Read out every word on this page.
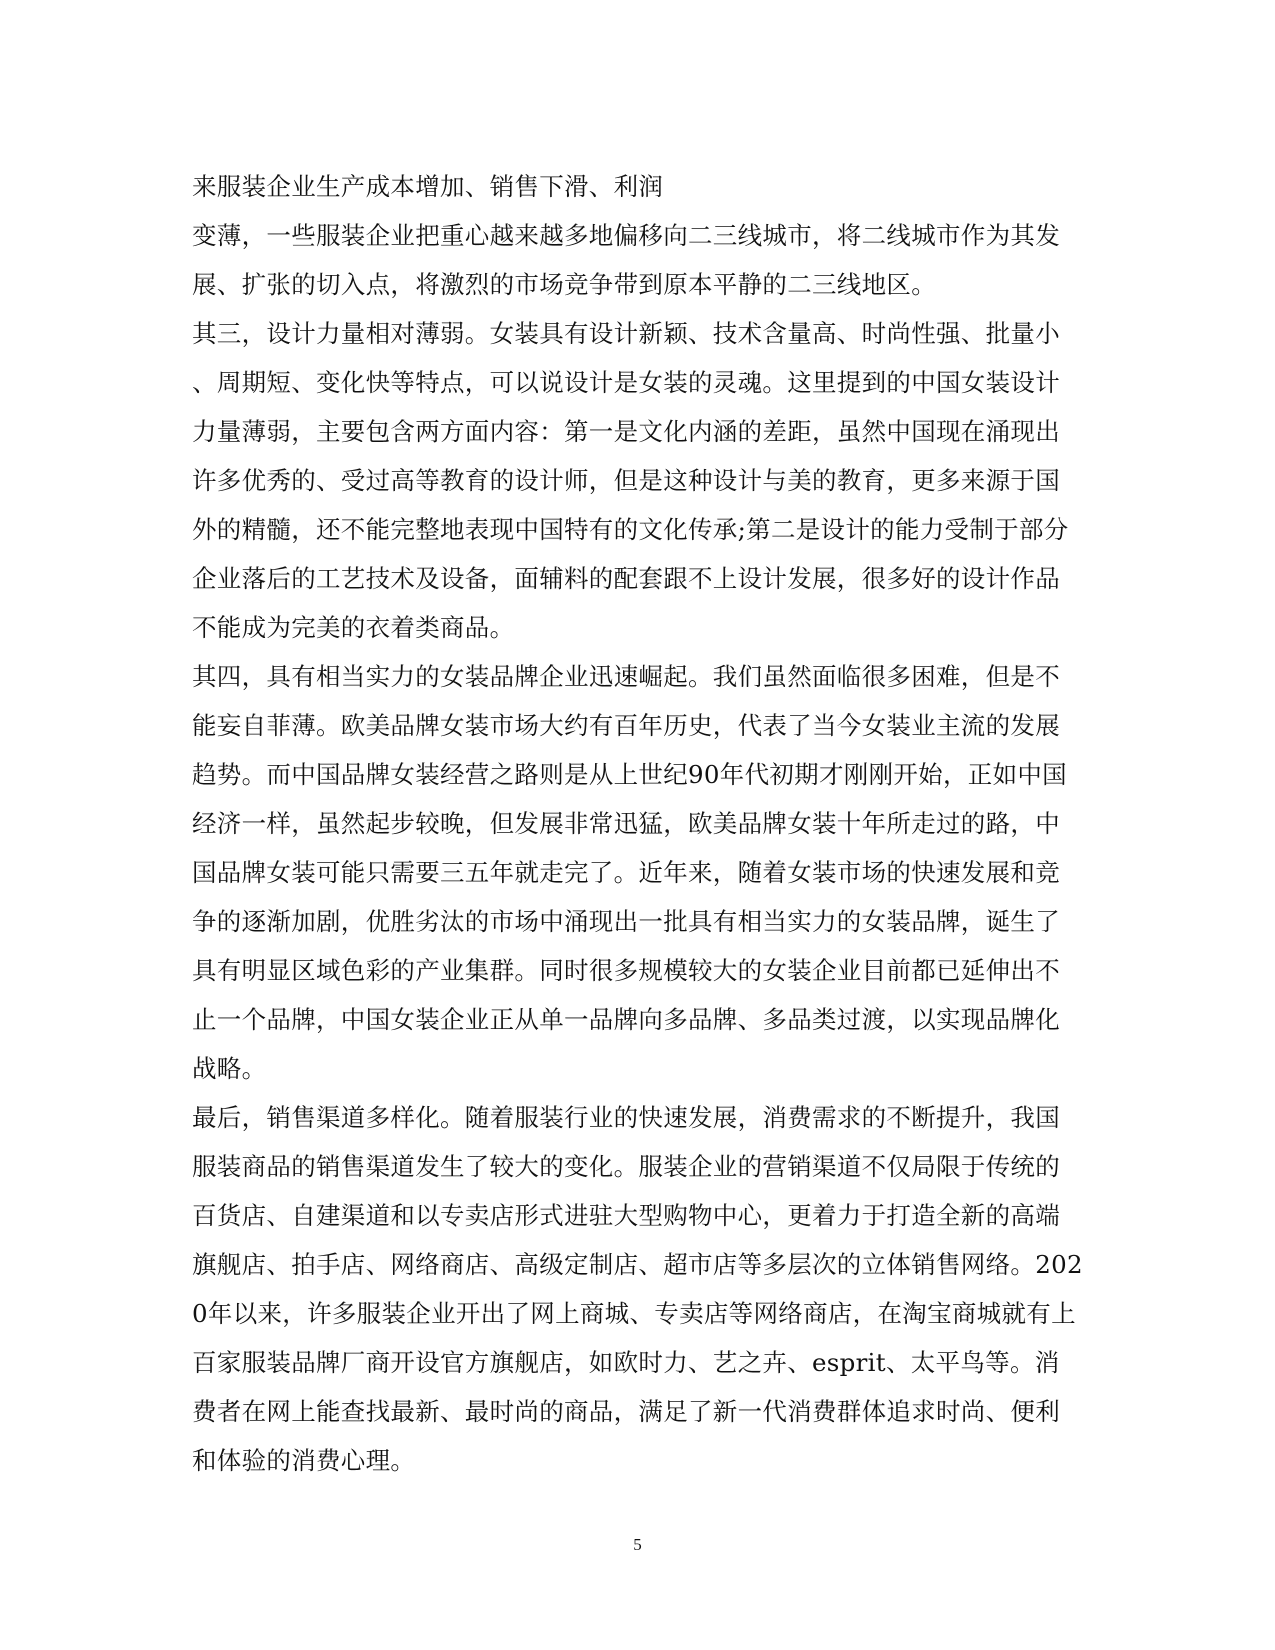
来服装企业生产成本增加、销售下滑、利润
变薄，一些服装企业把重心越来越多地偏移向二三线城市，将二线城市作为其发
展、扩张的切入点，将激烈的市场竞争带到原本平静的二三线地区。
其三，设计力量相对薄弱。女装具有设计新颖、技术含量高、时尚性强、批量小
、周期短、变化快等特点，可以说设计是女装的灵魂。这里提到的中国女装设计
力量薄弱，主要包含两方面内容：第一是文化内涵的差距，虽然中国现在涌现出
许多优秀的、受过高等教育的设计师，但是这种设计与美的教育，更多来源于国
外的精髓，还不能完整地表现中国特有的文化传承;第二是设计的能力受制于部分
企业落后的工艺技术及设备，面辅料的配套跟不上设计发展，很多好的设计作品
不能成为完美的衣着类商品。
其四，具有相当实力的女装品牌企业迅速崛起。我们虽然面临很多困难，但是不
能妄自菲薄。欧美品牌女装市场大约有百年历史，代表了当今女装业主流的发展
趋势。而中国品牌女装经营之路则是从上世纪90年代初期才刚刚开始，正如中国
经济一样，虽然起步较晚，但发展非常迅猛，欧美品牌女装十年所走过的路，中
国品牌女装可能只需要三五年就走完了。近年来，随着女装市场的快速发展和竞
争的逐渐加剧，优胜劣汰的市场中涌现出一批具有相当实力的女装品牌，诞生了
具有明显区域色彩的产业集群。同时很多规模较大的女装企业目前都已延伸出不
止一个品牌，中国女装企业正从单一品牌向多品牌、多品类过渡，以实现品牌化
战略。
最后，销售渠道多样化。随着服装行业的快速发展，消费需求的不断提升，我国
服装商品的销售渠道发生了较大的变化。服装企业的营销渠道不仅局限于传统的
百货店、自建渠道和以专卖店形式进驻大型购物中心，更着力于打造全新的高端
旗舰店、拍手店、网络商店、高级定制店、超市店等多层次的立体销售网络。202
0年以来，许多服装企业开出了网上商城、专卖店等网络商店，在淘宝商城就有上
百家服装品牌厂商开设官方旗舰店，如欧时力、艺之卉、esprit、太平鸟等。消
费者在网上能查找最新、最时尚的商品，满足了新一代消费群体追求时尚、便利
和体验的消费心理。
5
